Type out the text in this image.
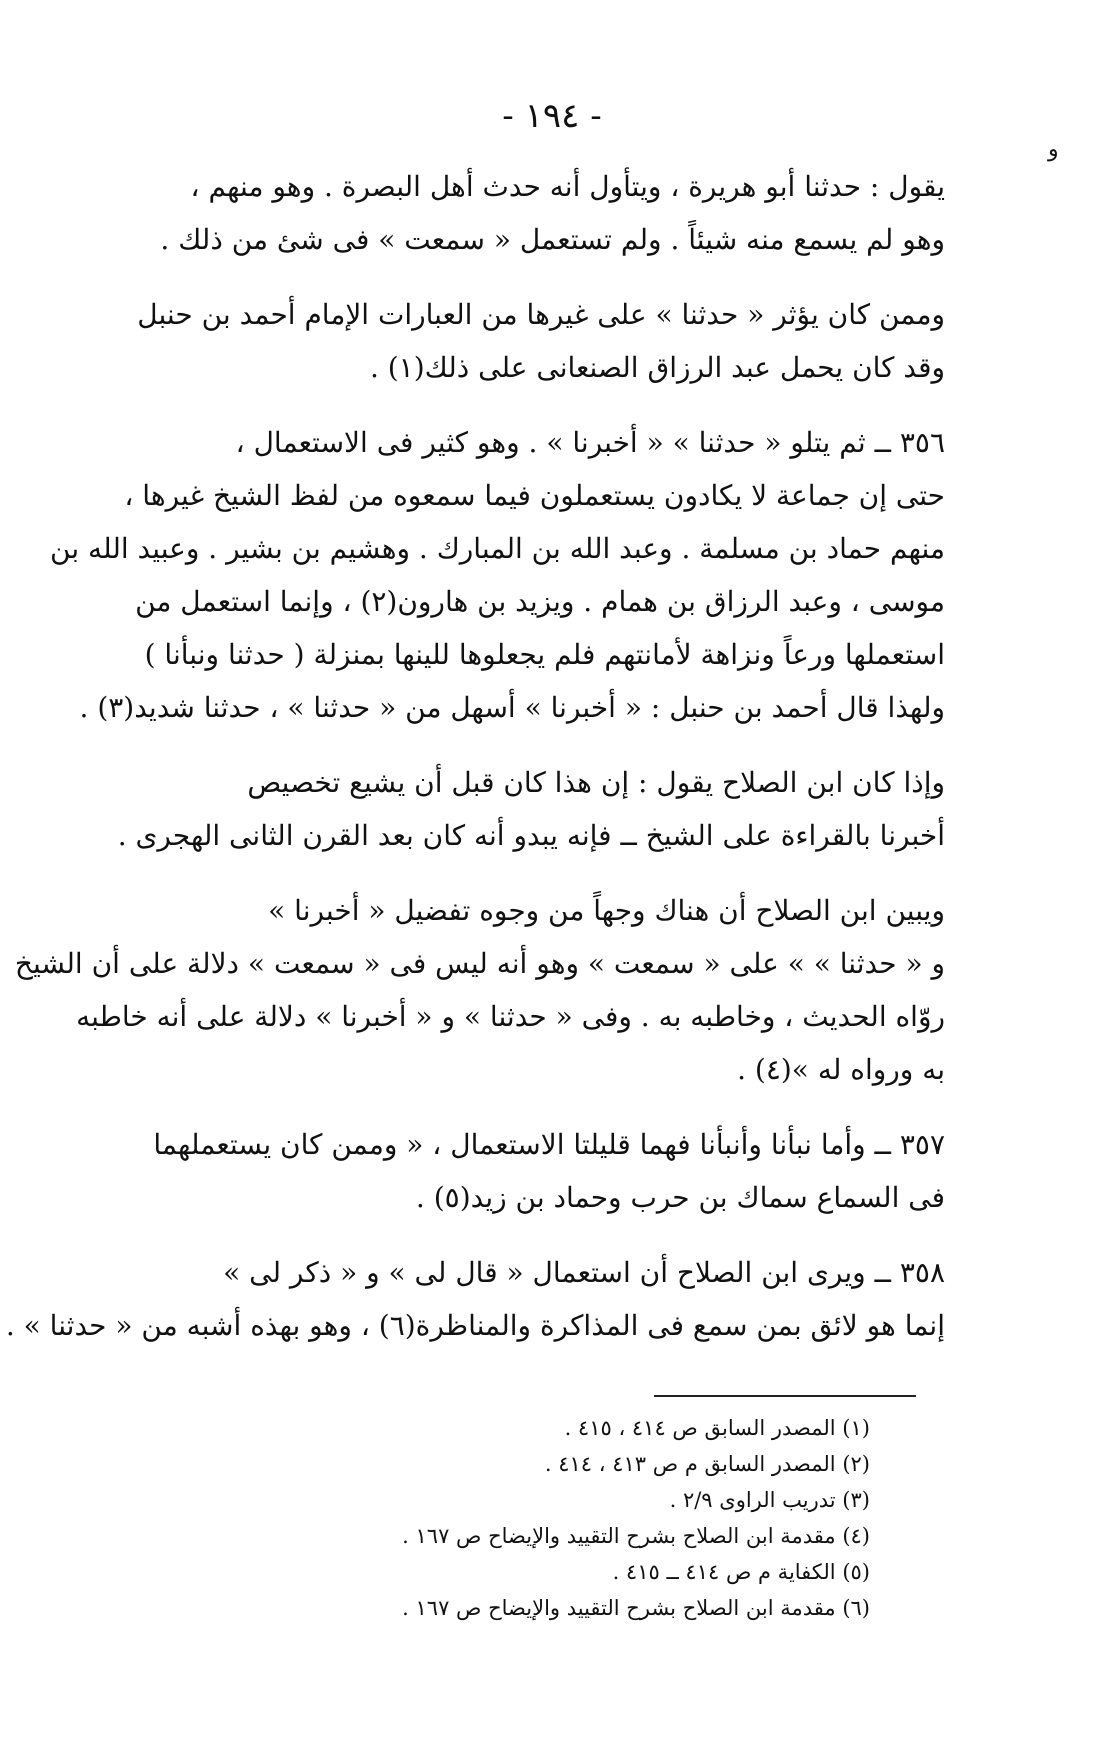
- ١٩٤ -
و

يقول : حدثنا أبو هريرة ، ويتأول أنه حدث أهل البصرة . وهو منهم ،
وهو لم يسمع منه شيئاً . ولم تستعمل « سمعت » فى شئ من ذلك .

وممن كان يؤثر « حدثنا » على غيرها من العبارات الإمام أحمد بن حنبل
وقد كان يحمل عبد الرزاق الصنعانى على ذلك(١) .

٣٥٦ ــ ثم يتلو « حدثنا » « أخبرنا » . وهو كثير فى الاستعمال ،
حتى إن جماعة لا يكادون يستعملون فيما سمعوه من لفظ الشيخ غيرها ،
منهم حماد بن مسلمة . وعبد الله بن المبارك . وهشيم بن بشير . وعبيد الله بن
موسى ، وعبد الرزاق بن همام . ويزيد بن هارون(٢) ، وإنما استعمل من
استعملها ورعاً ونزاهة لأمانتهم فلم يجعلوها للينها بمنزلة ( حدثنا ونبأنا )
ولهذا قال أحمد بن حنبل : « أخبرنا » أسهل من « حدثنا » ، حدثنا شديد(٣) .

وإذا كان ابن الصلاح يقول : إن هذا كان قبل أن يشيع تخصيص
أخبرنا بالقراءة على الشيخ ــ فإنه يبدو أنه كان بعد القرن الثانى الهجرى .

ويبين ابن الصلاح أن هناك وجهاً من وجوه تفضيل « أخبرنا »
و « حدثنا » » على « سمعت » وهو أنه ليس فى « سمعت » دلالة على أن الشيخ
روّاه الحديث ، وخاطبه به . وفى « حدثنا » و « أخبرنا » دلالة على أنه خاطبه
به ورواه له »(٤) .

٣٥٧ ــ وأما نبأنا وأنبأنا فهما قليلتا الاستعمال ، « وممن كان يستعملهما
فى السماع سماك بن حرب وحماد بن زيد(٥) .

٣٥٨ ــ ويرى ابن الصلاح أن استعمال « قال لى » و « ذكر لى »
إنما هو لائق بمن سمع فى المذاكرة والمناظرة(٦) ، وهو بهذه أشبه من « حدثنا » .

(١) المصدر السابق ص ٤١٤ ، ٤١٥ .
(٢) المصدر السابق م ص ٤١٣ ، ٤١٤ .
(٣) تدريب الراوى ٢/٩ .
(٤) مقدمة ابن الصلاح بشرح التقييد والإيضاح ص ١٦٧ .
(٥) الكفاية م ص ٤١٤ ــ ٤١٥ .
(٦) مقدمة ابن الصلاح بشرح التقييد والإيضاح ص ١٦٧ .
